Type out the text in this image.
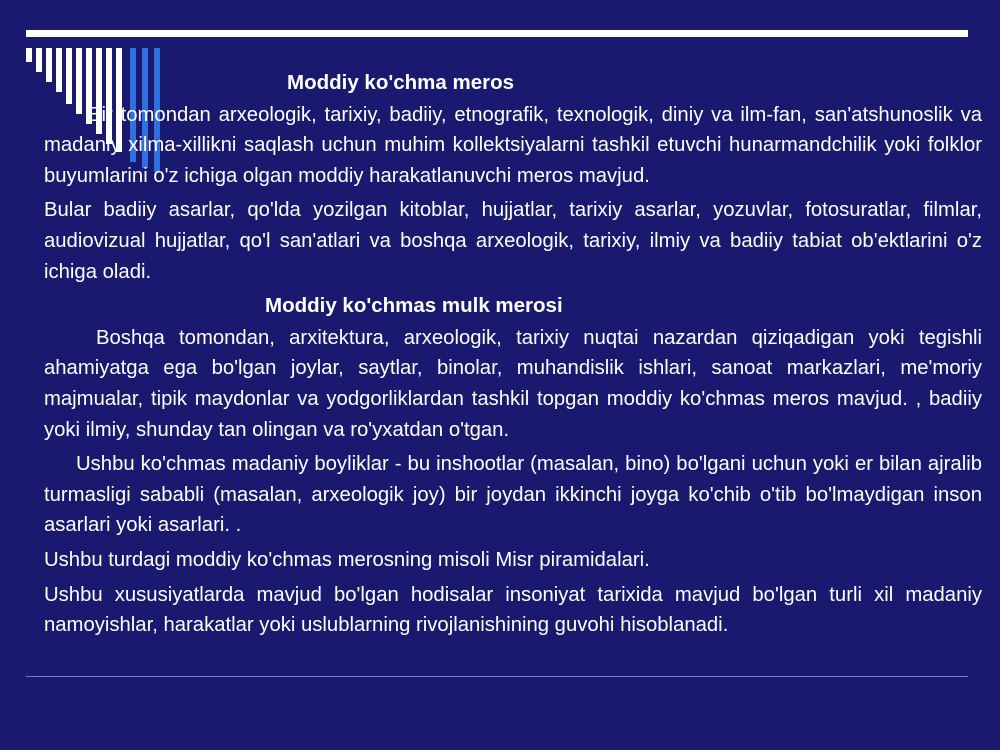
Moddiy ko'chma meros

Bir tomondan arxeologik, tarixiy, badiiy, etnografik, texnologik, diniy va ilm-fan, san'atshunoslik va madaniy xilma-xillikni saqlash uchun muhim kollektsiyalarni tashkil etuvchi hunarmandchilik yoki folklor buyumlarini o'z ichiga olgan moddiy harakatlanuvchi meros mavjud.

Bular badiiy asarlar, qo'lda yozilgan kitoblar, hujjatlar, tarixiy asarlar, yozuvlar, fotosuratlar, filmlar, audiovizual hujjatlar, qo'l san'atlari va boshqa arxeologik, tarixiy, ilmiy va badiiy tabiat ob'ektlarini o'z ichiga oladi.

Moddiy ko'chmas mulk merosi

Boshqa tomondan, arxitektura, arxeologik, tarixiy nuqtai nazardan qiziqadigan yoki tegishli ahamiyatga ega bo'lgan joylar, saytlar, binolar, muhandislik ishlari, sanoat markazlari, me'moriy majmualar, tipik maydonlar va yodgorliklardan tashkil topgan moddiy ko'chmas meros mavjud. , badiiy yoki ilmiy, shunday tan olingan va ro'yxatdan o'tgan.

Ushbu ko'chmas madaniy boyliklar - bu inshootlar (masalan, bino) bo'lgani uchun yoki er bilan ajralib turmasligi sababli (masalan, arxeologik joy) bir joydan ikkinchi joyga ko'chib o'tib bo'lmaydigan inson asarlari yoki asarlari. .

Ushbu turdagi moddiy ko'chmas merosning misoli Misr piramidalari.

Ushbu xususiyatlarda mavjud bo'lgan hodisalar insoniyat tarixida mavjud bo'lgan turli xil madaniy namoyishlar, harakatlar yoki uslublarning rivojlanishining guvohi hisoblanadi.
